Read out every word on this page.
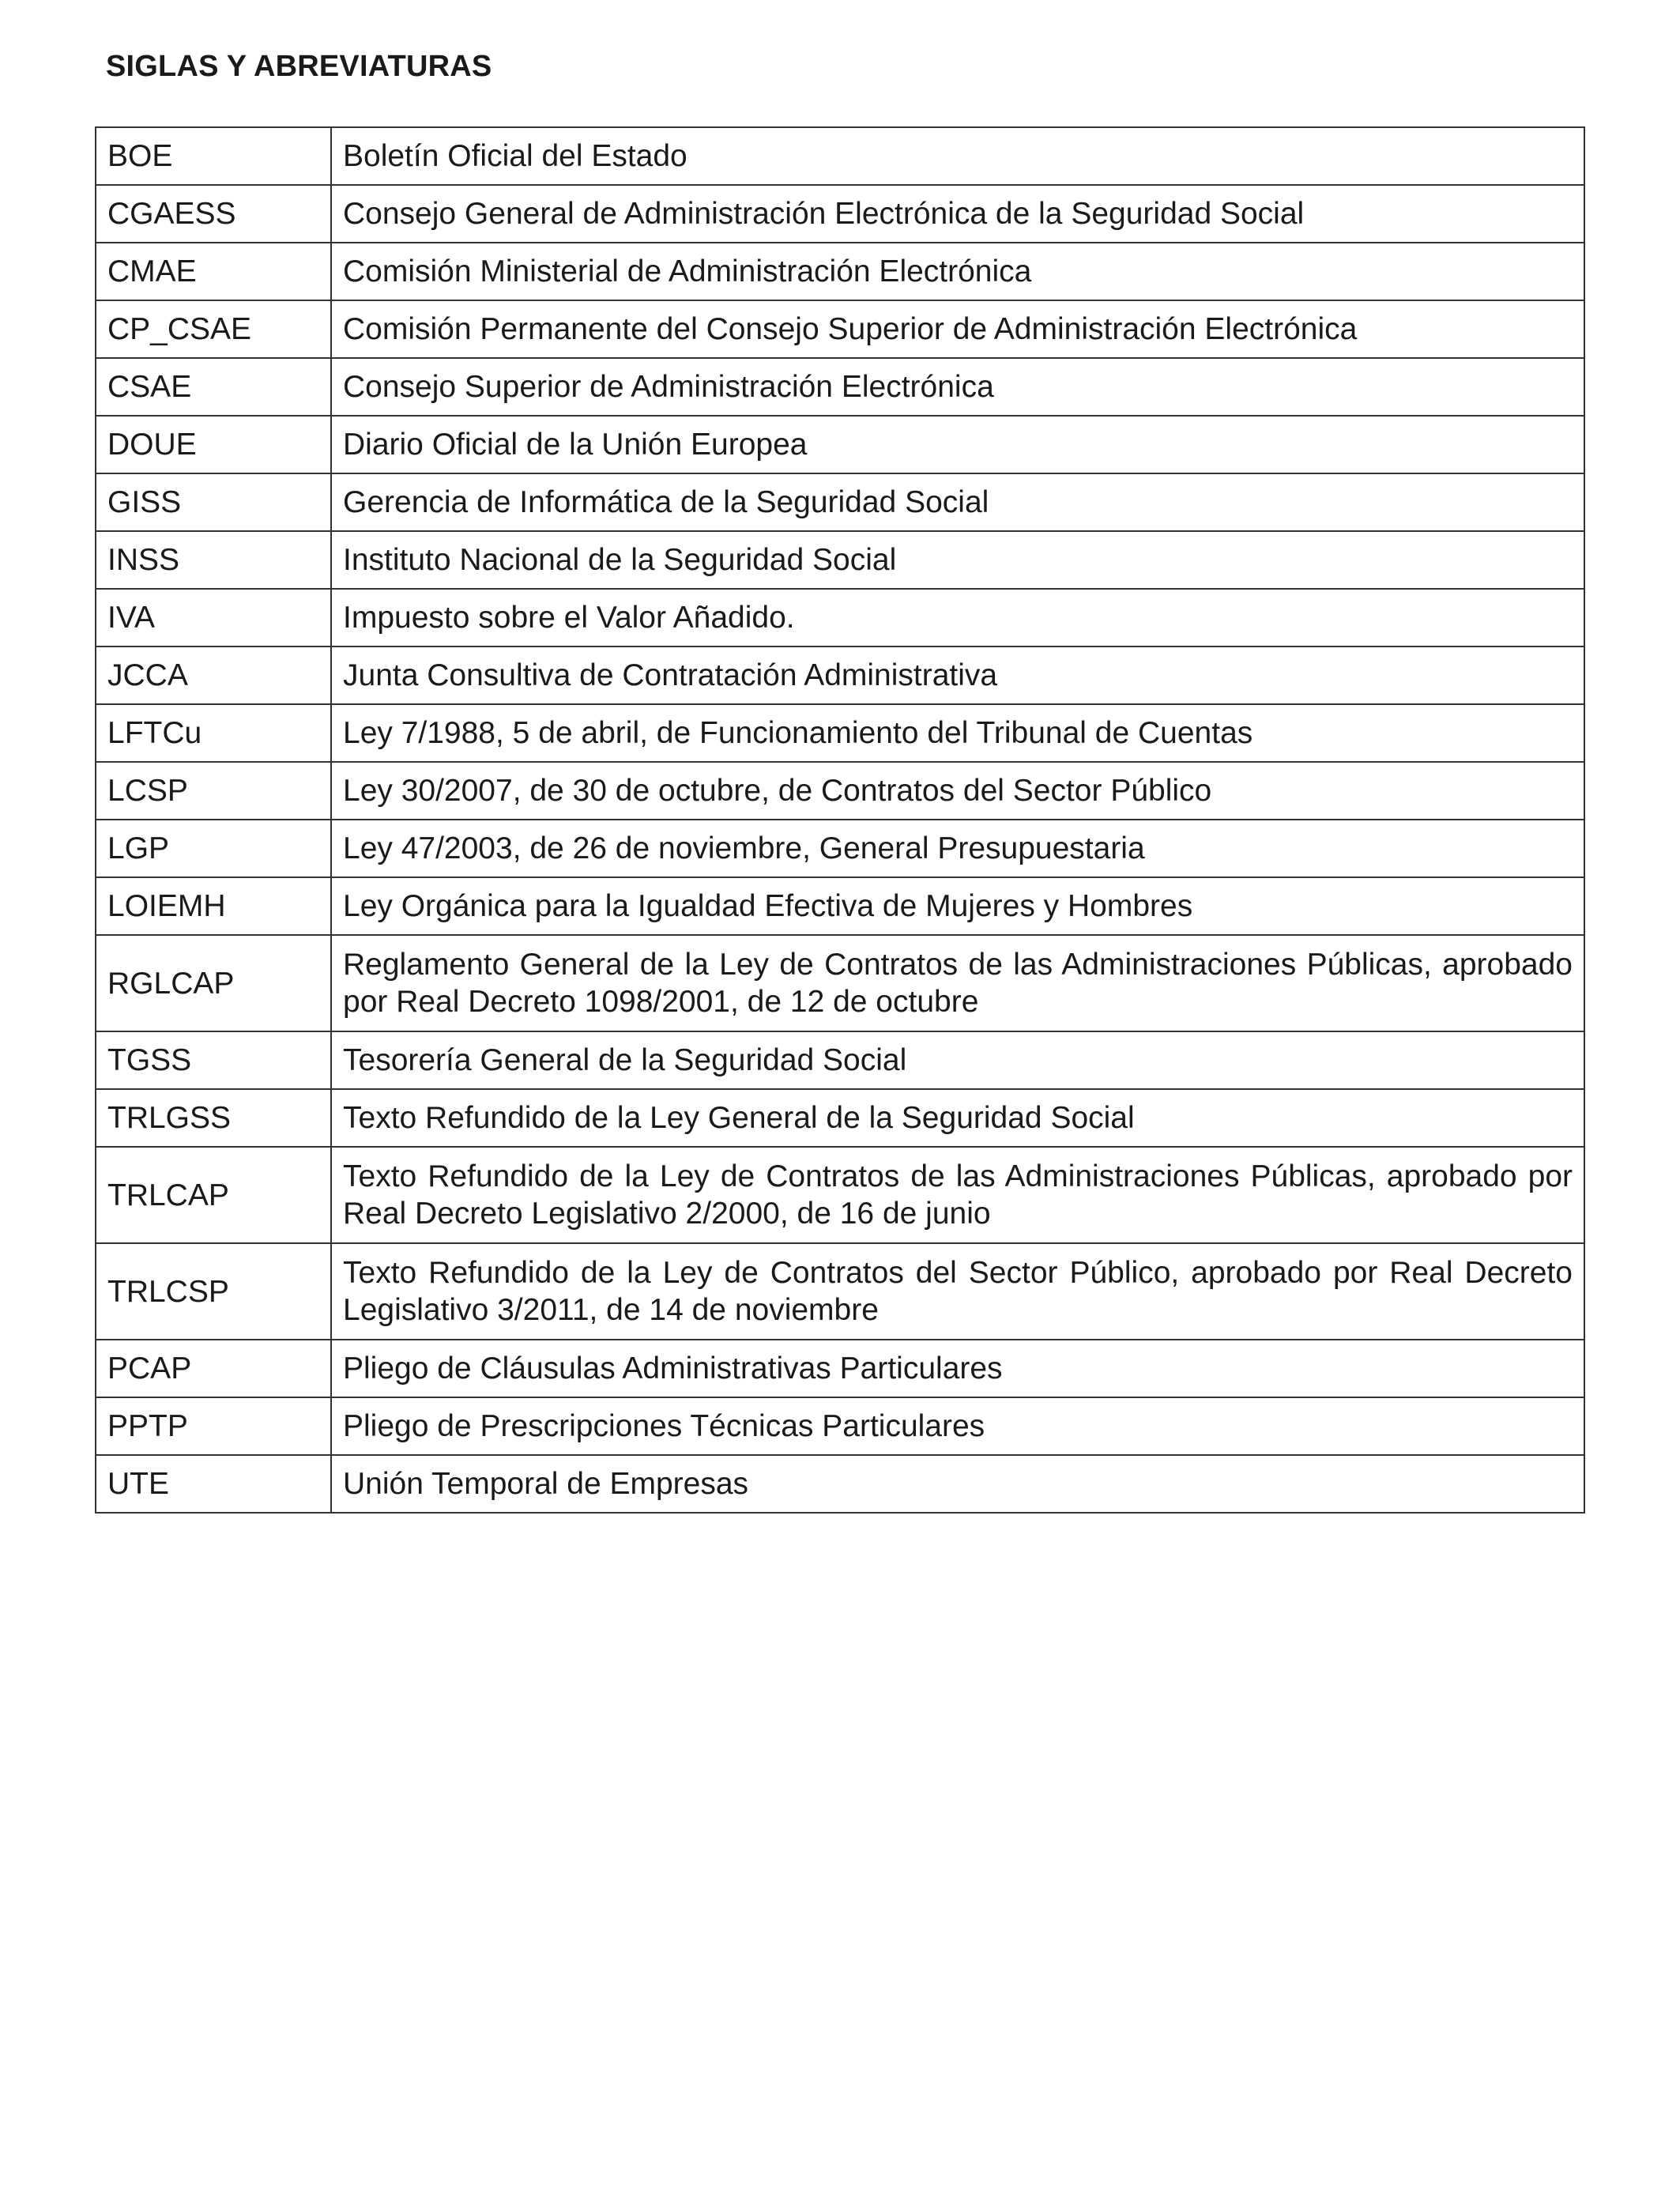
SIGLAS Y ABREVIATURAS
BOE	Boletín Oficial del Estado
CGAESS	Consejo General de Administración Electrónica de la Seguridad Social
CMAE	Comisión Ministerial de Administración Electrónica
CP_CSAE	Comisión Permanente del Consejo Superior de Administración Electrónica
CSAE	Consejo Superior de Administración Electrónica
DOUE	Diario Oficial de la Unión Europea
GISS	Gerencia de Informática de la Seguridad Social
INSS	Instituto Nacional de la Seguridad Social
IVA	Impuesto sobre el Valor Añadido.
JCCA	Junta Consultiva de Contratación Administrativa
LFTCu	Ley 7/1988, 5 de abril, de Funcionamiento del Tribunal de Cuentas
LCSP	Ley 30/2007, de 30 de octubre, de Contratos del Sector Público
LGP	Ley 47/2003, de 26 de noviembre, General Presupuestaria
LOIEMH	Ley Orgánica para la Igualdad Efectiva de Mujeres y Hombres
RGLCAP	Reglamento General de la Ley de Contratos de las Administraciones Públicas, aprobado por Real Decreto 1098/2001, de 12 de octubre
TGSS	Tesorería General de la Seguridad Social
TRLGSS	Texto Refundido de la Ley General de la Seguridad Social
TRLCAP	Texto Refundido de la Ley de Contratos de las Administraciones Públicas, aprobado por Real Decreto Legislativo 2/2000, de 16 de junio
TRLCSP	Texto Refundido de la Ley de Contratos del Sector Público, aprobado por Real Decreto Legislativo 3/2011, de 14 de noviembre
PCAP	Pliego de Cláusulas Administrativas Particulares
PPTP	Pliego de Prescripciones Técnicas Particulares
UTE	Unión Temporal de Empresas
